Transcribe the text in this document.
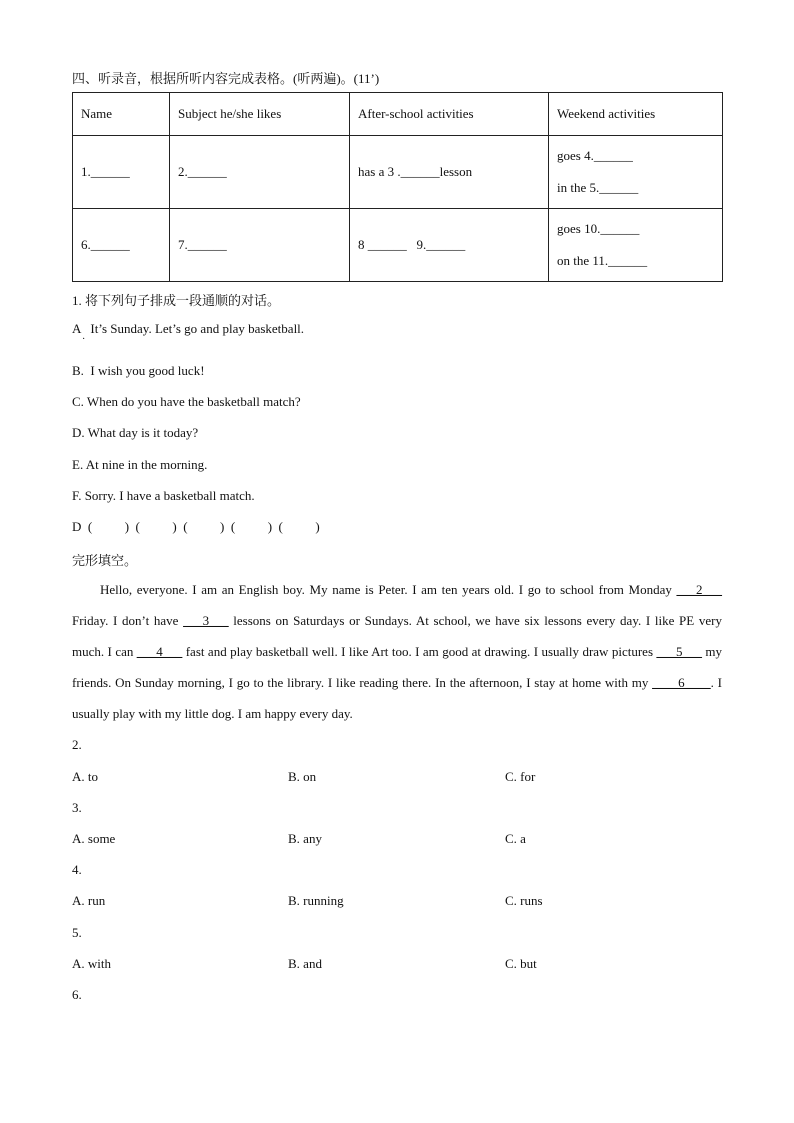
四、听录音，根据所听内容完成表格。(听两遍)。(11’)
Name	Subject he/she likes	After-school activities	Weekend activities
1.______	2.______	has a 3 .______lesson	goes 4.______
in the 5.______

6.______	7.______	8 ______   9.______	goes 10.______
on the 11.______
1. 将下列句子排成一段通顺的对话。
A   It’s Sunday. Let’s go and play basketball.
·
B.  I wish you good luck!
C. When do you have the basketball match?
D. What day is it today?
E. At nine in the morning.
F. Sorry. I have a basketball match.
D  (          )  (          )  (          )  (          )  (          )
完形填空。

Hello, everyone. I am an English boy. My name is Peter. I am ten years old. I go to school from Monday ___2___ Friday. I don’t have ___3___ lessons on Saturdays or Sundays. At school, we have six lessons every day. I like PE very much. I can ___4___ fast and play basketball well. I like Art too. I am good at drawing. I usually draw pictures ___5___ my friends. On Sunday morning, I go to the library. I like reading there. In the afternoon, I stay at home with my ____6____. I usually play with my little dog. I am happy every day.

2.
A. to	B. on	C. for
3.
A. some	B. any	C. a
4.
A. run	B. running	C. runs
5.
A. with	B. and	C. but
6.
